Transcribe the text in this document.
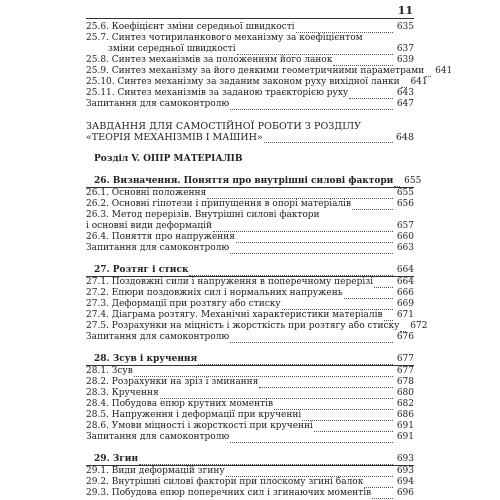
11
25.6. Коефіцієнт зміни середньої швидкості	635
25.7. Синтез чотириланкового механізму за коефіцієнтом
зміни середньої швидкості	637
25.8. Синтез механізмів за положенням його ланок	639
25.9. Синтез механізму за його деякими геометричними параметрами	641
25.10. Синтез механізму за заданим законом руху вихідної ланки	641
25.11. Синтез механізмів за заданою траєкторією руху	643
Запитання для самоконтролю	647
ЗАВДАННЯ ДЛЯ САМОСТІЙНОЇ РОБОТИ З РОЗДІЛУ
«ТЕОРІЯ МЕХАНІЗМІВ І МАШИН»	648
Розділ V. ОПІР МАТЕРІАЛІВ
26. Визначення. Поняття про внутрішні силові фактори	655
26.1. Основні положення	655
26.2. Основні гіпотези і припущення в опорі матеріалів	656
26.3. Метод перерізів. Внутрішні силові фактори
і основні види деформацій	657
26.4. Поняття про напруження	660
Запитання для самоконтролю	663
27. Розтяг і стиск	664
27.1. Поздовжні сили і напруження в поперечному перерізі	664
27.2. Епюри поздовжніх сил і нормальних напружень	666
27.3. Деформації при розтягу або стиску	669
27.4. Діаграма розтягу. Механічні характеристики матеріалів	671
27.5. Розрахунки на міцність і жорсткість при розтягу або стиску	672
Запитання для самоконтролю	676
28. Зсув і кручення	677
28.1. Зсув	677
28.2. Розрахунки на зріз і зминання	678
28.3. Кручення	680
28.4. Побудова епюр крутних моментів	682
28.5. Напруження і деформації при крученні	686
28.6. Умови міцності і жорсткості при крученні	691
Запитання для самоконтролю	691
29. Згин	693
29.1. Види деформацій згину	693
29.2. Внутрішні силові фактори при плоскому згині балок	694
29.3. Побудова епюр поперечних сил і згинаючих моментів	696
